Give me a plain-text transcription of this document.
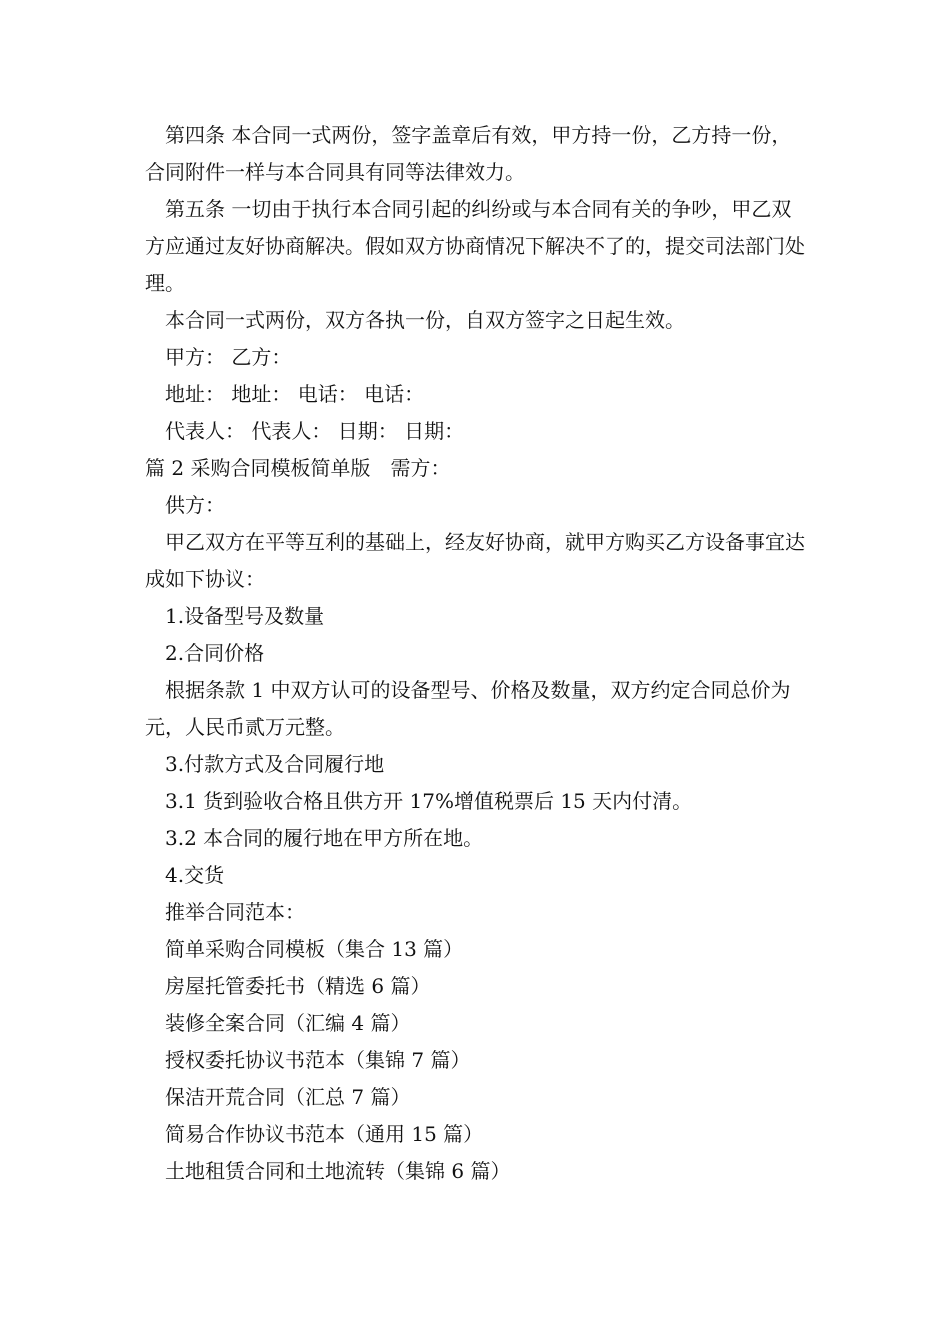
第四条 本合同一式两份，签字盖章后有效，甲方持一份，乙方持一份，合同附件一样与本合同具有同等法律效力。

第五条 一切由于执行本合同引起的纠纷或与本合同有关的争吵，甲乙双方应通过友好协商解决。假如双方协商情况下解决不了的，提交司法部门处理。

本合同一式两份，双方各执一份，自双方签字之日起生效。

甲方： 乙方：

地址： 地址： 电话： 电话：

代表人： 代表人： 日期： 日期：

篇 2 采购合同模板简单版　需方：

供方：

甲乙双方在平等互利的基础上，经友好协商，就甲方购买乙方设备事宜达成如下协议：

1.设备型号及数量

2.合同价格

根据条款 1 中双方认可的设备型号、价格及数量，双方约定合同总价为 元，人民币贰万元整。

3.付款方式及合同履行地

3.1 货到验收合格且供方开 17%增值税票后 15 天内付清。

3.2 本合同的履行地在甲方所在地。

4.交货

推举合同范本：

简单采购合同模板（集合 13 篇）

房屋托管委托书（精选 6 篇）

装修全案合同（汇编 4 篇）

授权委托协议书范本（集锦 7 篇）

保洁开荒合同（汇总 7 篇）

简易合作协议书范本（通用 15 篇）

土地租赁合同和土地流转（集锦 6 篇）
